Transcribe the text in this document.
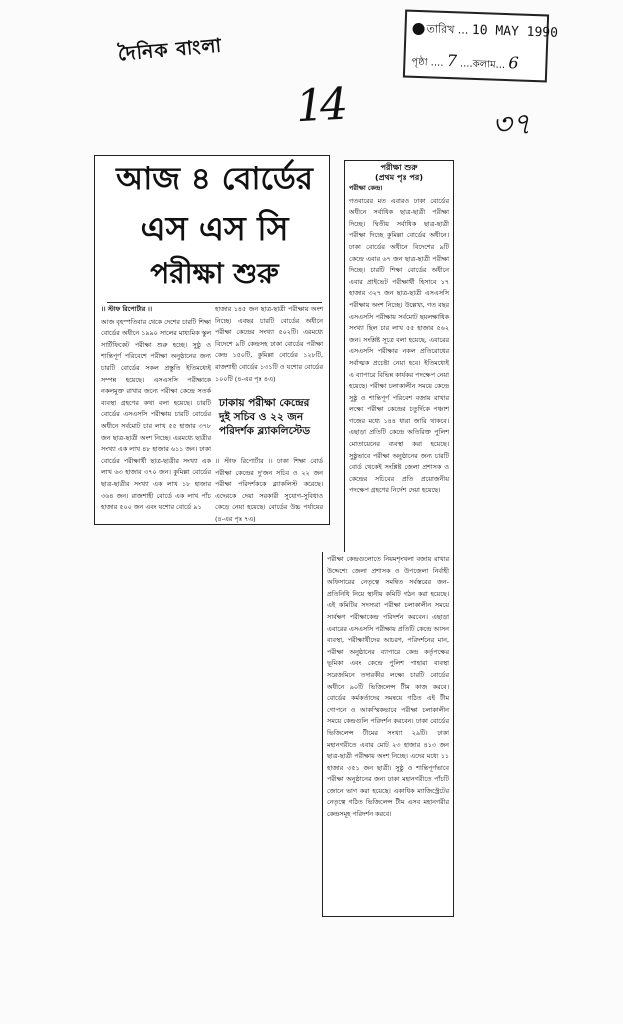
দৈনিক বাংলা
তারিখ ... 10 MAY 1990
পৃষ্ঠা .... 7 ....কলাম... 6
14	৩৭
আজ ৪ বোর্ডের
এস এস সি
পরীক্ষা শুরু
।। স্টাফ রিপোর্টার ।।

আজ বৃহস্পতিবার থেকে দেশের চারটি শিক্ষা বোর্ডের অধীনে ১৯৯০ সালের মাধ্যমিক স্কুল সার্টিফিকেট পরীক্ষা শুরু হচ্ছে। সুষ্ঠু ও শান্তিপূর্ণ পরিবেশে পরীক্ষা অনুষ্ঠানের জন্য চারটি বোর্ডের সকল প্রস্তুতি ইতিমধ্যেই সম্পন্ন হয়েছে। এসএসসি পরীক্ষাকে নকলমুক্ত রাখার জন্যে পরীক্ষা কেন্দ্রে সতর্ক ব্যবস্থা গ্রহণের কথা বলা হয়েছে। চারটি বোর্ডের এসএসসি পরীক্ষায় চারটি বোর্ডের অধীনে সর্বমোট চার লাখ ৫৫ হাজার ৩৭৮ জন ছাত্র-ছাত্রী অংশ নিচ্ছে। এরমধ্যে ছাত্রীর সংখ্যা এক লাখ ৪৮ হাজার ৬১১ জন। ঢাকা বোর্ডের পরীক্ষার্থী ছাত্র-ছাত্রীর সংখ্যা এক লাখ ৬৩ হাজার ৩৭০ জন। কুমিল্লা বোর্ডের ছাত্র-ছাত্রীর সংখ্যা এক লাখ ১৮ হাজার ৩৬৪ জন। রাজশাহী বোর্ডে এক লাখ পাঁচ হাজার ৫০০ জন এবং যশোর বোর্ডে ৯১

হাজার ১৪৫ জন ছাত্র-ছাত্রী পরীক্ষায় অংশ নিচ্ছে। এবছর চারটি বোর্ডের অধীনে পরীক্ষা কেন্দ্রের সংখ্যা ৫০২টি। এরমধ্যে বিদেশে ৯টি কেন্দ্রসহ ঢাকা বোর্ডের পরীক্ষা কেন্দ্র ১৫০টি, কুমিল্লা বোর্ডের ১২৮টি, রাজশাহী বোর্ডের ১৩১টি ও যশোর বোর্ডের ১০০টি (৪-এর পৃঃ ৪এ)

ঢাকায় পরীক্ষা কেন্দ্রের দুই সচিব ও ২২ জন পরিদর্শক ব্ল্যাকলিস্টেড

।। স্টাফ রিপোর্টার ।। ঢাকা শিক্ষা বোর্ড পরীক্ষা কেন্দ্রের দু'জন সচিব ও ২২ জন পরীক্ষা পরিদর্শককে ব্ল্যাকলিস্ট করেছে। এদেরকে দেয়া সরকারী সুযোগ-সুবিধাও কেড়ে নেয়া হয়েছে। বোর্ডের উচ্চ পর্যায়ের (৪-এর পৃঃ ৭এ)

পরীক্ষা শুরু
(প্রথম পৃঃ পর)
পরীক্ষা কেন্দ্র।

গতবারের মত এবারও ঢাকা বোর্ডের অধীনে সর্বাধিক ছাত্র-ছাত্রী পরীক্ষা দিচ্ছে। দ্বিতীয় সর্বাধিক ছাত্র-ছাত্রী পরীক্ষা দিচ্ছে কুমিল্লা বোর্ডের অধীনে। ঢাকা বোর্ডের অধীনে বিদেশের ৯টি কেন্দ্রে এবার ৬৭ জন ছাত্র-ছাত্রী পরীক্ষা দিচ্ছে। চারটি শিক্ষা বোর্ডের অধীনে এবার প্রাইভেট পরীক্ষার্থী হিসাবে ১৭ হাজার ৩২৭ জন ছাত্র-ছাত্রী এসএসসি পরীক্ষায় অংশ নিচ্ছে। উল্লেখ্য, গত বছর এসএসসি পরীক্ষায় সর্বমোট ছয়লক্ষাধিক সংখ্যা ছিল চার লাখ ৫৫ হাজার ৫৬২ জন। সংশ্লিষ্ট সূত্রে বলা হয়েছে, এবারের এসএসসি পরীক্ষার নকল প্রতিরোধের সর্বাত্মক প্রচেষ্টা নেয়া হবে। ইতিমধ্যেই এ ব্যাপারে বিভিন্ন কার্যকর পদক্ষেপ নেয়া হয়েছে। পরীক্ষা চলাকালীন সময়ে কেন্দ্রে সুষ্ঠু ও শান্তিপূর্ণ পরিবেশ বজায় রাখার লক্ষ্যে পরীক্ষা কেন্দ্রের চতুর্দিকে পঞ্চাশ গজের মধ্যে ১৪৪ ধারা জারি থাকবে। এছাড়া প্রতিটি কেন্দ্রে অতিরিক্ত পুলিশ মোতায়েনের ব্যবস্থা করা হয়েছে। সুষ্ঠুভাবে পরীক্ষা অনুষ্ঠানের জন্য চারটি বোর্ড থেকেই সংশ্লিষ্ট জেলা প্রশাসক ও কেন্দ্রের সচিবের প্রতি প্রয়োজনীয় পদক্ষেপ গ্রহণের নির্দেশ দেয়া হয়েছে।

পরীক্ষা কেন্দ্রগুলোতে নিয়মশৃংখলা বজায় রাখার উদ্দেশ্যে জেলা প্রশাসক ও উপজেলা নির্বাহী অফিসারের নেতৃত্বে সমন্বিত সর্বস্তরের জন-প্রতিনিধি নিয়ে স্থানীয় কমিটি গঠন করা হয়েছে। এই কমিটির সদস্যরা পরীক্ষা চলাকালীন সময়ে সার্বক্ষণ পরীক্ষাকেন্দ্র পরিদর্শন করবেন। এছাড়া এবারের এসএসসি পরীক্ষায় প্রতিটি কেন্দ্রে আসন ব্যবস্থা, পরীক্ষার্থীদের আচরণ, পরিদর্শনের মান, পরীক্ষা অনুষ্ঠানের ব্যাপারে কেন্দ্র কর্তৃপক্ষের ভূমিকা এবং কেন্দ্রে পুলিশ পাহারা ব্যবস্থা সরেজমিনে তদারকীর লক্ষ্যে চারটি বোর্ডের অধীনে ৯০টি ভিজিলেন্স টীম কাজ করবে। বোর্ডের কর্মকর্তাদের সমন্বয়ে গঠিত এই টীম গোপনে ও আকস্মিকভাবে পরীক্ষা চলাকালীন সময়ে কেন্দ্রগুলি পরিদর্শন করবেন। ঢাকা বোর্ডের ভিজিলেন্স টীমের সংখ্যা ২৯টি। ঢাকা মহানগরীতে এবার মোট ২৩ হাজার ৪১৩ জন ছাত্র-ছাত্রী পরীক্ষায় অংশ নিচ্ছে। এদের মধ্যে ১১ হাজার ৩৫১ জন ছাত্রী। সুষ্ঠু ও শান্তিপূর্ণভাবে পরীক্ষা অনুষ্ঠানের জন্য ঢাকা মহানগরীতে পাঁচটি জোনে ভাগ করা হয়েছে। একাধিক ম্যাজিস্ট্রেটের নেতৃত্বে গঠিত ভিজিলেন্স টীম এসব মহানগরীর কেন্দ্রসমূহ পরিদর্শন করবে।
